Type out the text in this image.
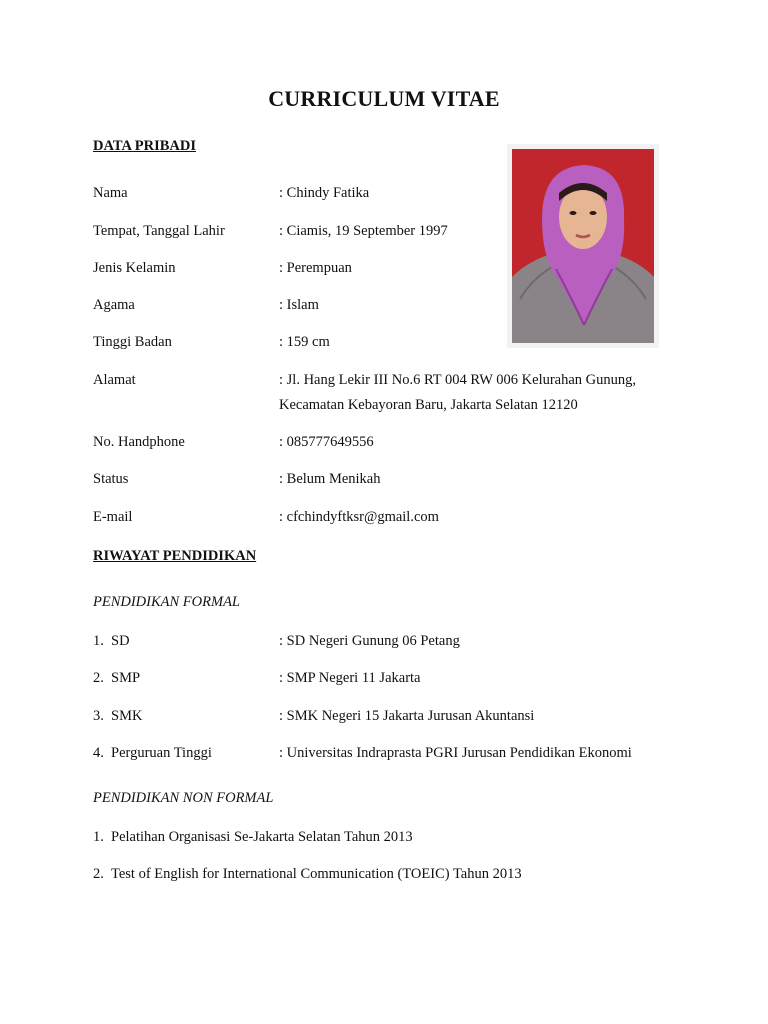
CURRICULUM VITAE
DATA PRIBADI
Nama	: Chindy Fatika
Tempat, Tanggal Lahir	: Ciamis, 19 September 1997
Jenis Kelamin	: Perempuan
Agama	: Islam
Tinggi Badan	: 159 cm
Alamat	: Jl. Hang Lekir III No.6 RT 004 RW 006 Kelurahan Gunung,
Kecamatan Kebayoran Baru, Jakarta Selatan 12120
No. Handphone	: 085777649556
Status	: Belum Menikah
E-mail	: cfchindyftksr@gmail.com
RIWAYAT PENDIDIKAN
PENDIDIKAN FORMAL
1. SD	: SD Negeri Gunung 06 Petang
2. SMP	: SMP Negeri 11 Jakarta
3. SMK	: SMK Negeri 15 Jakarta Jurusan Akuntansi
4. Perguruan Tinggi	: Universitas Indraprasta PGRI Jurusan Pendidikan Ekonomi
PENDIDIKAN NON FORMAL
1. Pelatihan Organisasi Se-Jakarta Selatan Tahun 2013
2. Test of English for International Communication (TOEIC) Tahun 2013
